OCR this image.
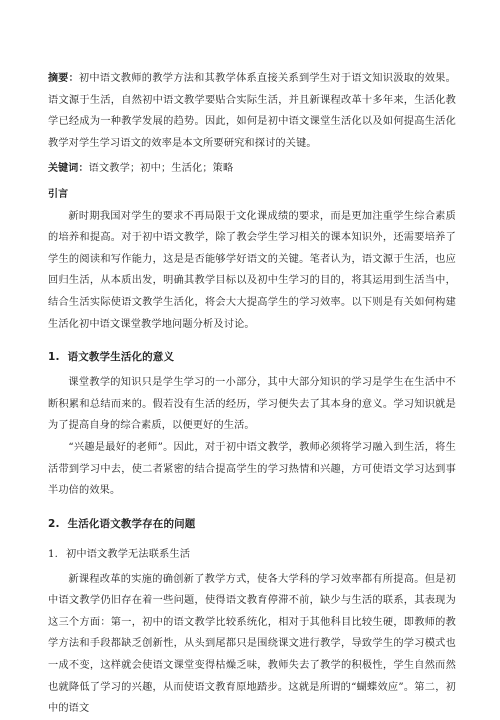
摘要：初中语文教师的教学方法和其教学体系直接关系到学生对于语文知识汲取的效果。语文源于生活，自然初中语文教学要贴合实际生活，并且新课程改革十多年来，生活化教学已经成为一种教学发展的趋势。因此，如何是初中语文课堂生活化以及如何提高生活化教学对学生学习语文的效率是本文所要研究和探讨的关键。

关键词：语文教学；初中；生活化；策略

引言

新时期我国对学生的要求不再局限于文化课成绩的要求，而是更加注重学生综合素质的培养和提高。对于初中语文教学，除了教会学生学习相关的课本知识外，还需要培养了学生的阅读和写作能力，这是是否能够学好语文的关键。笔者认为，语文源于生活，也应回归生活，从本质出发，明确其教学目标以及初中生学习的目的，将其运用到生活当中，结合生活实际使语文教学生活化，将会大大提高学生的学习效率。以下则是有关如何构建生活化初中语文课堂教学地问题分析及讨论。

1. 语文教学生活化的意义

课堂教学的知识只是学生学习的一小部分，其中大部分知识的学习是学生在生活中不断积累和总结而来的。假若没有生活的经历，学习便失去了其本身的意义。学习知识就是为了提高自身的综合素质，以便更好的生活。

“兴趣是最好的老师”。因此，对于初中语文教学，教师必须将学习融入到生活，将生活带到学习中去，使二者紧密的结合提高学生的学习热情和兴趣，方可使语文学习达到事半功倍的效果。

2. 生活化语文教学存在的问题

1. 初中语文教学无法联系生活

新课程改革的实施的确创新了教学方式，使各大学科的学习效率都有所提高。但是初中语文教学仍旧存在着一些问题，使得语文教育停滞不前，缺少与生活的联系，其表现为这三个方面：第一，初中的语文教学比较系统化，相对于其他科目比较生硬，即教师的教学方法和手段都缺乏创新性，从头到尾都只是围绕课文进行教学，导致学生的学习模式也一成不变，这样就会使语文课堂变得枯燥乏味，教师失去了教学的积极性，学生自然而然也就降低了学习的兴趣，从而使语文教育原地踏步。这就是所谓的“蝴蝶效应”。第二，初中的语文
